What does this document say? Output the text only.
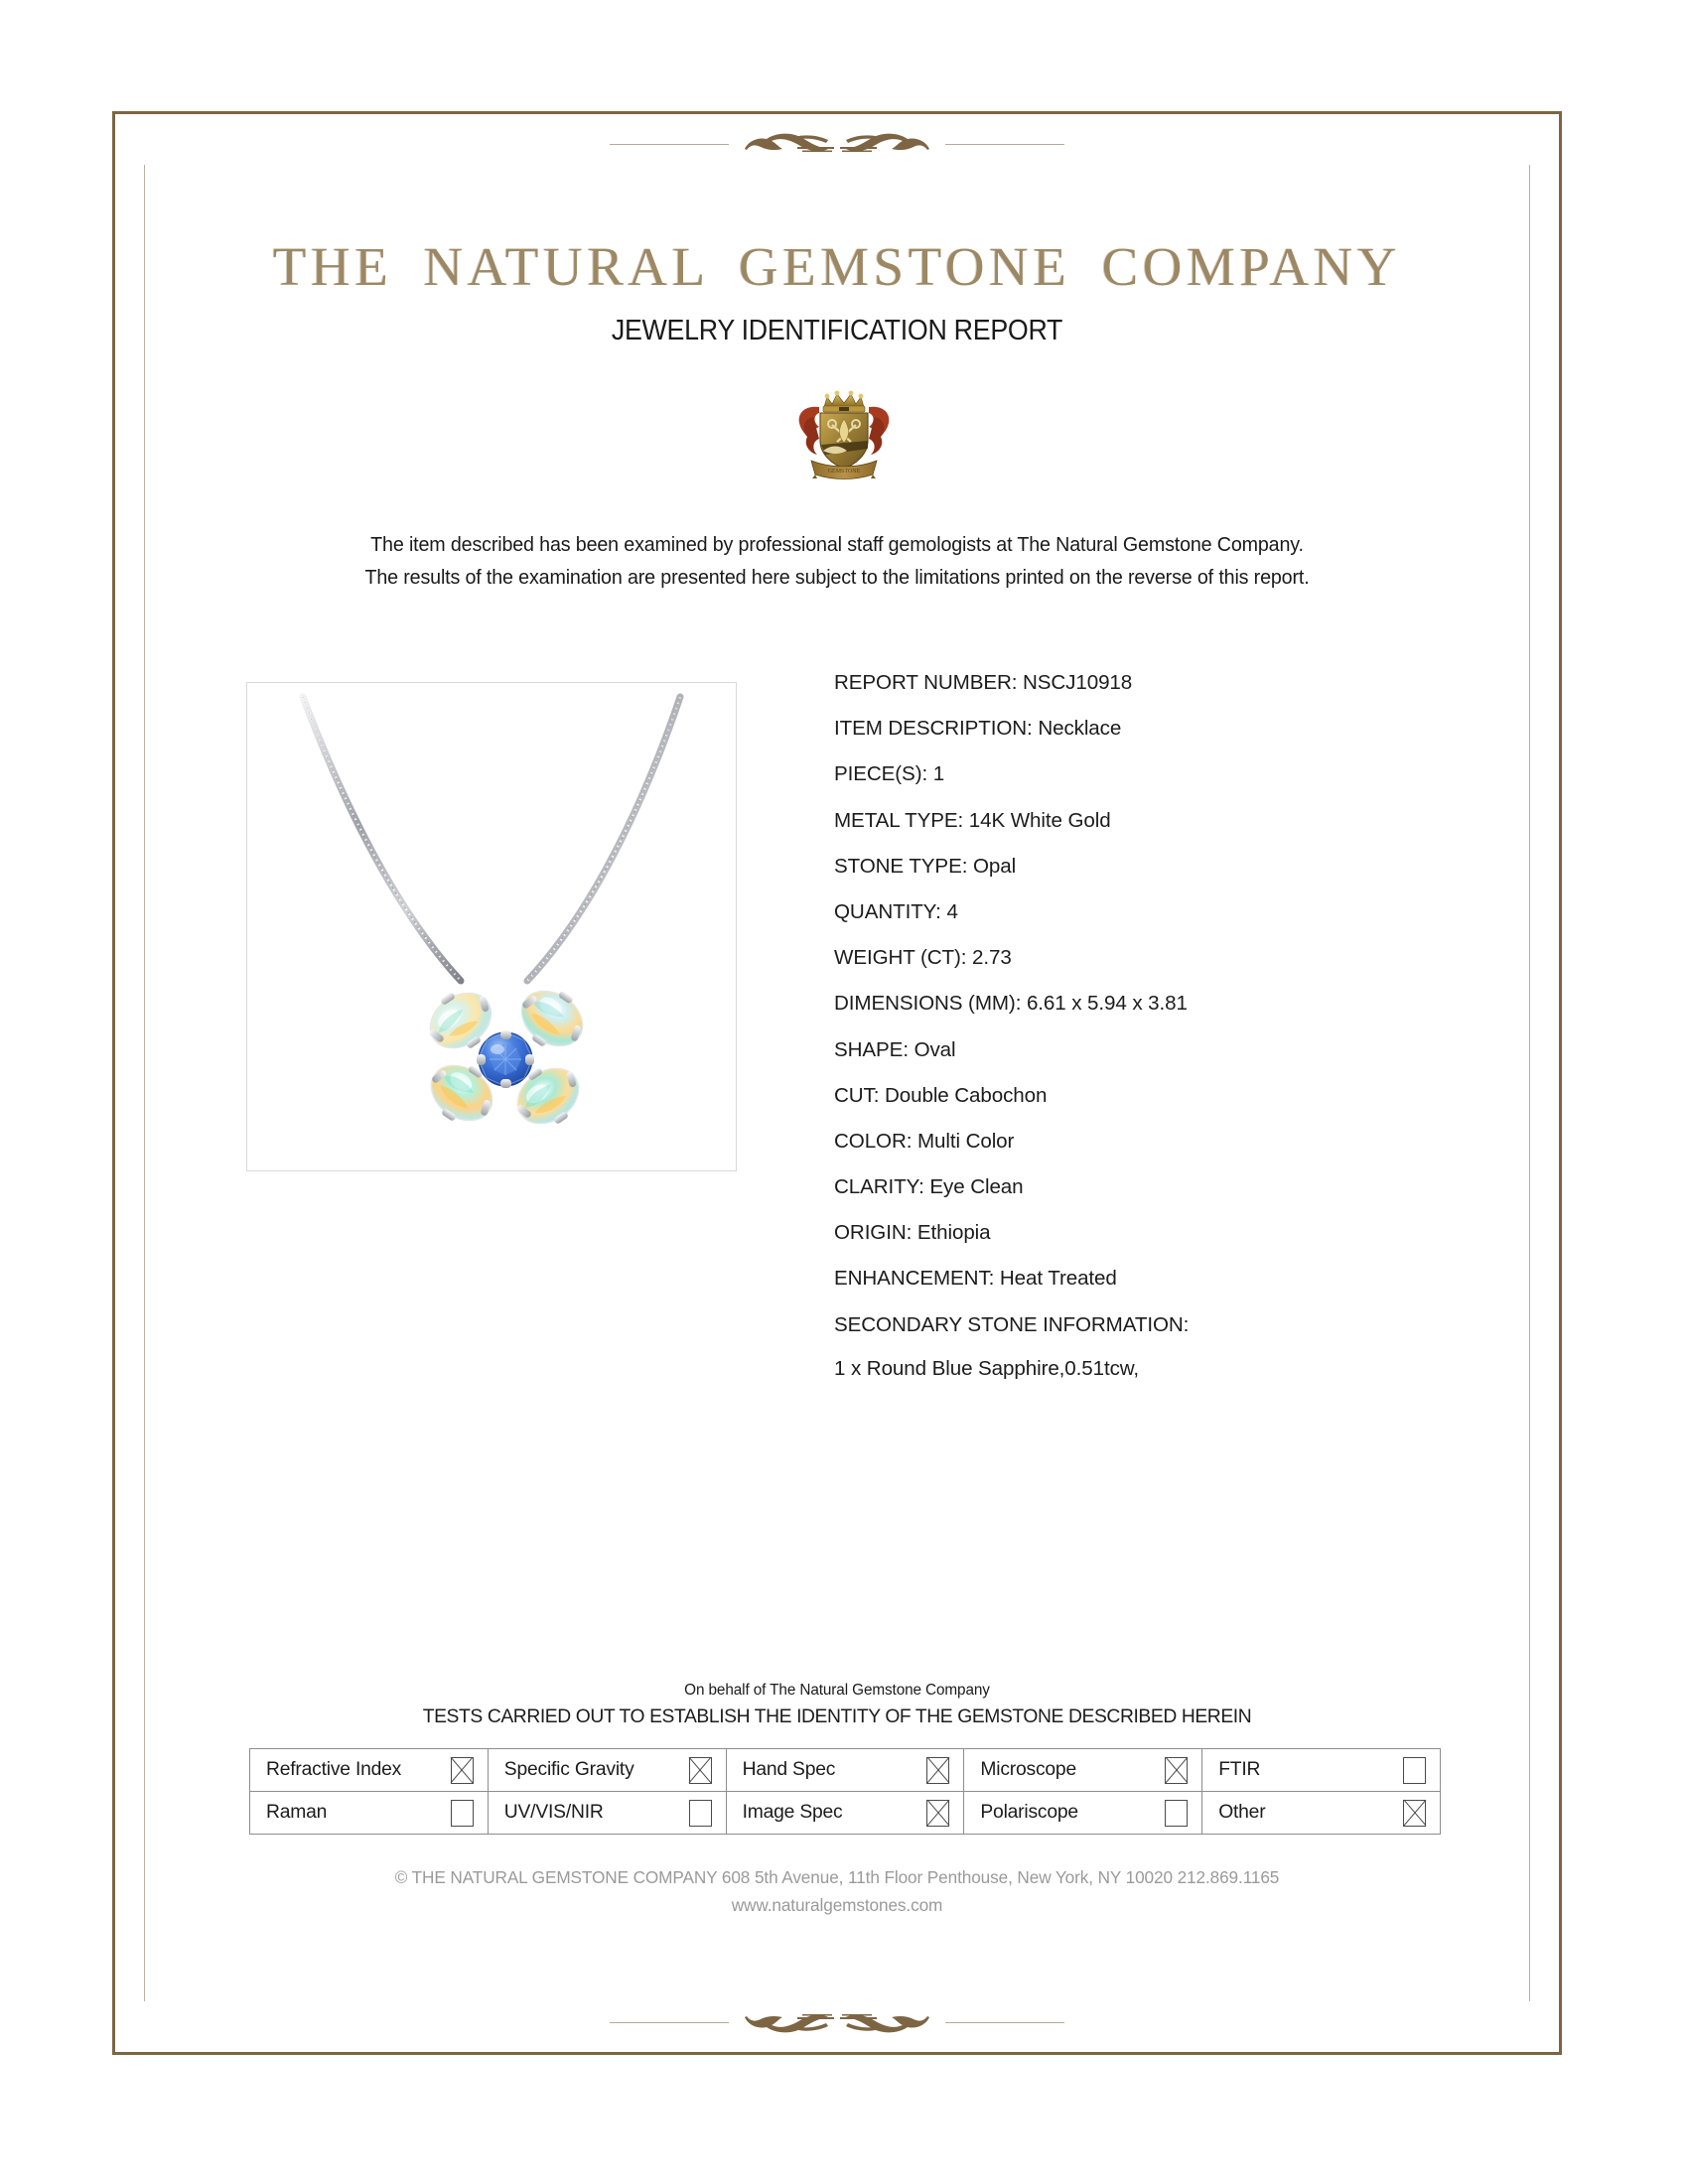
THE NATURAL GEMSTONE COMPANY
JEWELRY IDENTIFICATION REPORT
GEMSTONE
The item described has been examined by professional staff gemologists at The Natural Gemstone Company.
The results of the examination are presented here subject to the limitations printed on the reverse of this report.
REPORT NUMBER: NSCJ10918
ITEM DESCRIPTION: Necklace
PIECE(S): 1
METAL TYPE: 14K White Gold
STONE TYPE: Opal
QUANTITY: 4
WEIGHT (CT): 2.73
DIMENSIONS (MM): 6.61 x 5.94 x 3.81
SHAPE: Oval
CUT: Double Cabochon
COLOR: Multi Color
CLARITY: Eye Clean
ORIGIN: Ethiopia
ENHANCEMENT: Heat Treated
SECONDARY STONE INFORMATION:
1 x Round Blue Sapphire,0.51tcw,
On behalf of The Natural Gemstone Company
TESTS CARRIED OUT TO ESTABLISH THE IDENTITY OF THE GEMSTONE DESCRIBED HEREIN
Refractive Index	Specific Gravity	Hand Spec	Microscope	FTIR

Raman	UV/VIS/NIR	Image Spec	Polariscope	Other
© THE NATURAL GEMSTONE COMPANY 608 5th Avenue, 11th Floor Penthouse, New York, NY 10020 212.869.1165
www.naturalgemstones.com
